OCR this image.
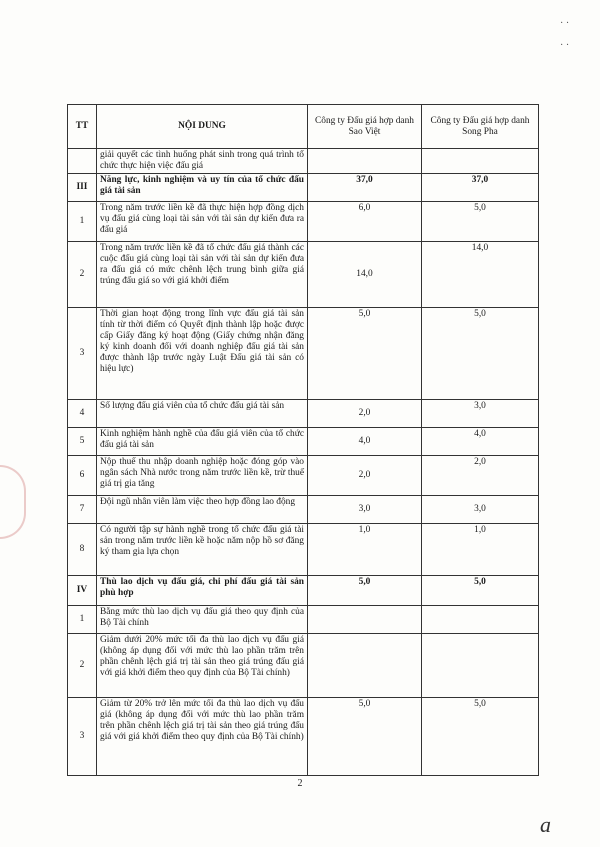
· ·

· ·
TT	NỘI DUNG	Công ty Đấu giá hợp danh Sao Việt	Công ty Đấu giá hợp danh Song Pha
	giải quyết các tình huống phát sinh trong quá trình tổ chức thực hiện việc đấu giá		
III	Năng lực, kinh nghiệm và uy tín của tổ chức đấu giá tài sản	37,0	37,0
1	Trong năm trước liền kề đã thực hiện hợp đồng dịch vụ đấu giá cùng loại tài sản với tài sản dự kiến đưa ra đấu giá	6,0	5,0
2	Trong năm trước liền kề đã tổ chức đấu giá thành các cuộc đấu giá cùng loại tài sản với tài sản dự kiến đưa ra đấu giá có mức chênh lệch trung bình giữa giá trúng đấu giá so với giá khởi điểm	14,0	14,0
3	Thời gian hoạt động trong lĩnh vực đấu giá tài sản tính từ thời điểm có Quyết định thành lập hoặc được cấp Giấy đăng ký hoạt động (Giấy chứng nhận đăng ký kinh doanh đối với doanh nghiệp đấu giá tài sản được thành lập trước ngày Luật Đấu giá tài sản có hiệu lực)	5,0	5,0
4	Số lượng đấu giá viên của tổ chức đấu giá tài sản	2,0	3,0
5	Kinh nghiệm hành nghề của đấu giá viên của tổ chức đấu giá tài sản	4,0	4,0
6	Nộp thuế thu nhập doanh nghiệp hoặc đóng góp vào ngân sách Nhà nước trong năm trước liền kề, trừ thuế giá trị gia tăng	2,0	2,0
7	Đội ngũ nhân viên làm việc theo hợp đồng lao động	3,0	3,0
8	Có người tập sự hành nghề trong tổ chức đấu giá tài sản trong năm trước liền kề hoặc năm nộp hồ sơ đăng ký tham gia lựa chọn	1,0	1,0
IV	Thù lao dịch vụ đấu giá, chi phí đấu giá tài sản phù hợp	5,0	5,0
1	Bằng mức thù lao dịch vụ đấu giá theo quy định của Bộ Tài chính		
2	Giảm dưới 20% mức tối đa thù lao dịch vụ đấu giá (không áp dụng đối với mức thù lao phần trăm trên phần chênh lệch giá trị tài sản theo giá trúng đấu giá với giá khởi điểm theo quy định của Bộ Tài chính)		
3	Giảm từ 20% trở lên mức tối đa thù lao dịch vụ đấu giá (không áp dụng đối với mức thù lao phần trăm trên phần chênh lệch giá trị tài sản theo giá trúng đấu giá với giá khởi điểm theo quy định của Bộ Tài chính)	5,0	5,0
2
a
